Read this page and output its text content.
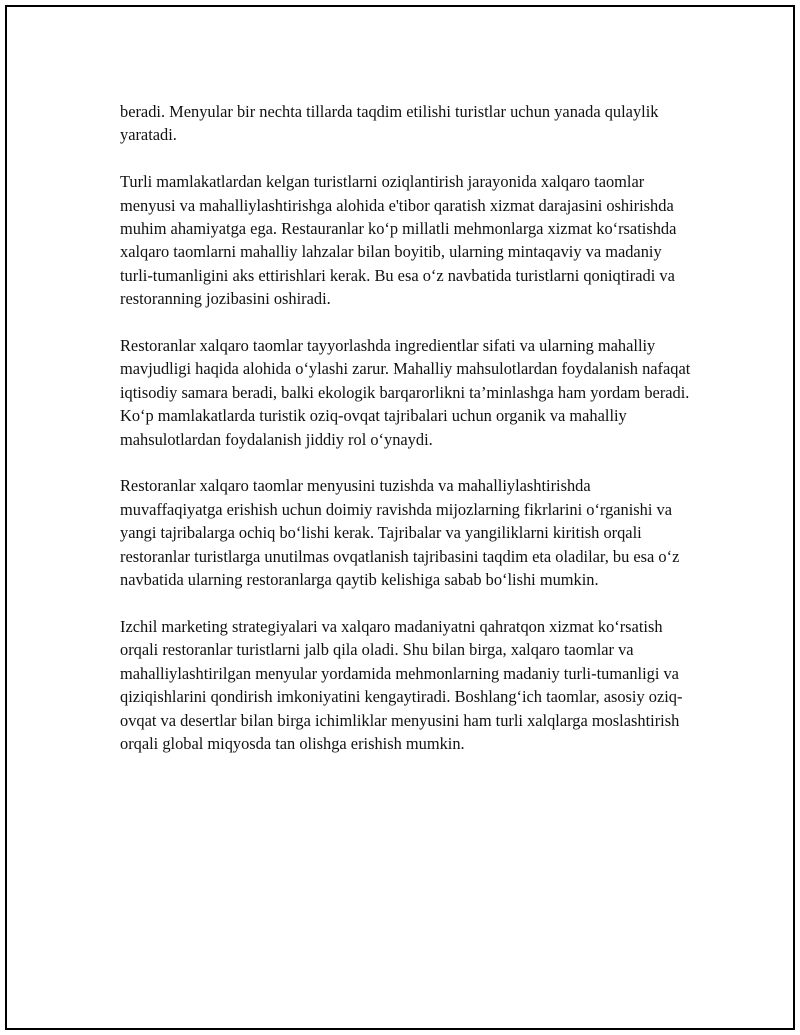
beradi. Menyular bir nechta tillarda taqdim etilishi turistlar uchun yanada qulaylik yaratadi.

Turli mamlakatlardan kelgan turistlarni oziqlantirish jarayonida xalqaro taomlar menyusi va mahalliylashtirishga alohida e'tibor qaratish xizmat darajasini oshirishda muhim ahamiyatga ega. Restauranlar ko‘p millatli mehmonlarga xizmat ko‘rsatishda xalqaro taomlarni mahalliy lahzalar bilan boyitib, ularning mintaqaviy va madaniy turli-tumanligini aks ettirishlari kerak. Bu esa o‘z navbatida turistlarni qoniqtiradi va restoranning jozibasini oshiradi.

Restoranlar xalqaro taomlar tayyorlashda ingredientlar sifati va ularning mahalliy mavjudligi haqida alohida o‘ylashi zarur. Mahalliy mahsulotlardan foydalanish nafaqat iqtisodiy samara beradi, balki ekologik barqarorlikni ta’minlashga ham yordam beradi. Ko‘p mamlakatlarda turistik oziq-ovqat tajribalari uchun organik va mahalliy mahsulotlardan foydalanish jiddiy rol o‘ynaydi.

Restoranlar xalqaro taomlar menyusini tuzishda va mahalliylashtirishda muvaffaqiyatga erishish uchun doimiy ravishda mijozlarning fikrlarini o‘rganishi va yangi tajribalarga ochiq bo‘lishi kerak. Tajribalar va yangiliklarni kiritish orqali restoranlar turistlarga unutilmas ovqatlanish tajribasini taqdim eta oladilar, bu esa o‘z navbatida ularning restoranlarga qaytib kelishiga sabab bo‘lishi mumkin.

Izchil marketing strategiyalari va xalqaro madaniyatni qahratqon xizmat ko‘rsatish orqali restoranlar turistlarni jalb qila oladi. Shu bilan birga, xalqaro taomlar va mahalliylashtirilgan menyular yordamida mehmonlarning madaniy turli-tumanligi va qiziqishlarini qondirish imkoniyatini kengaytiradi. Boshlang‘ich taomlar, asosiy oziq-ovqat va desertlar bilan birga ichimliklar menyusini ham turli xalqlarga moslashtirish orqali global miqyosda tan olishga erishish mumkin.
